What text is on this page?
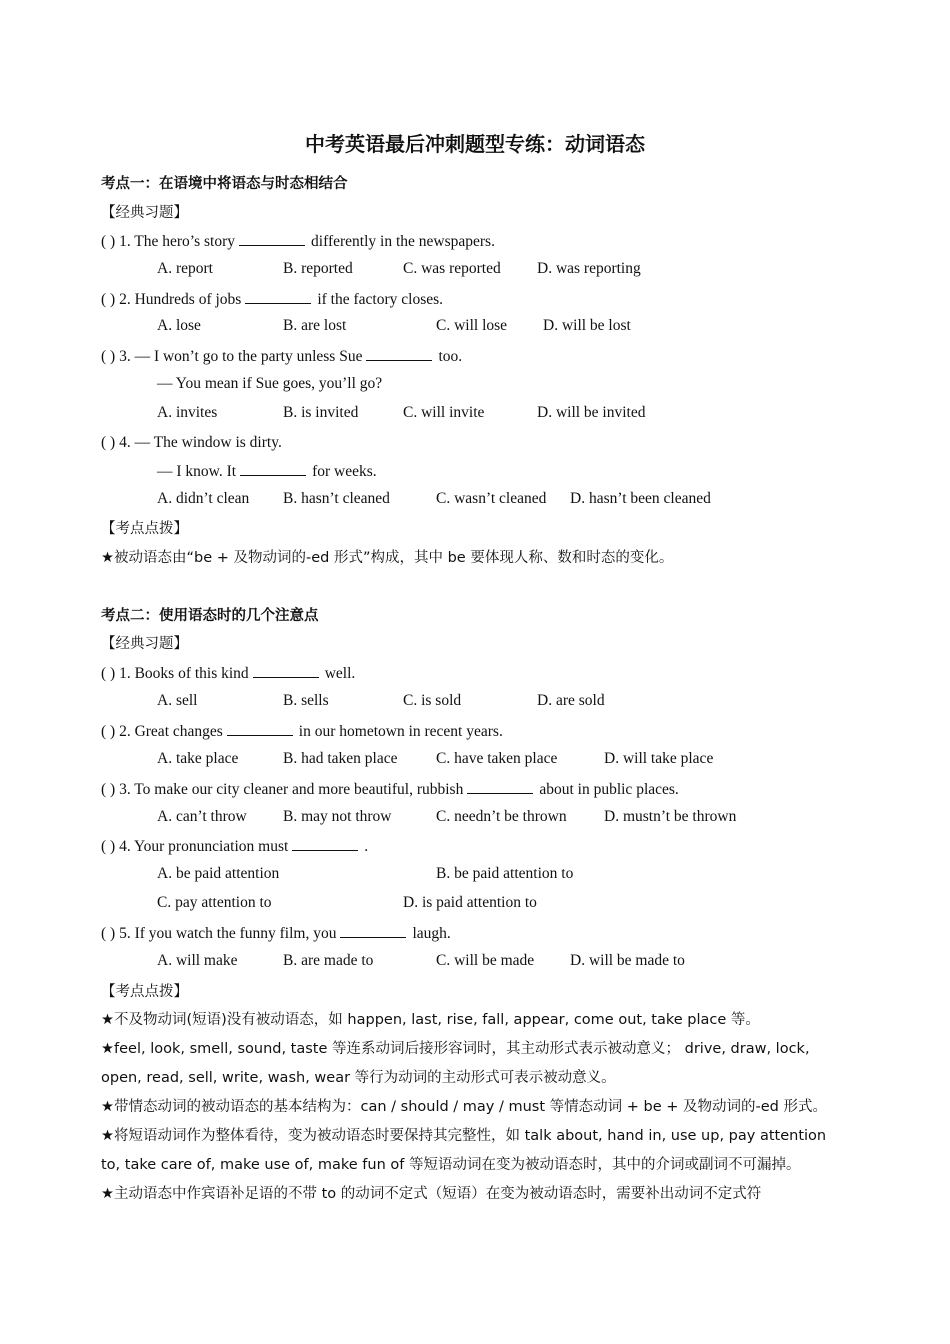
中考英语最后冲刺题型专练：动词语态
考点一：在语境中将语态与时态相结合
【经典习题】
( ) 1. The hero’s story	differently in the newspapers.
A. report	B. reported	C. was reported D. was reporting
( ) 2. Hundreds of jobs	if the factory closes.
A. lose	B. are lost	C. will lose D. will be lost
( ) 3. — I won’t go to the party unless Sue	too.
— You mean if Sue goes, you’ll go?
A. invites	B. is invited	C. will invite	D. will be invited
( ) 4. — The window is dirty.
— I know. It	for weeks.
A. didn’t clean B. hasn’t cleaned	C. wasn’t cleaned D. hasn’t been cleaned
【考点点拨】
★被动语态由“be + 及物动词的-ed 形式”构成，其中 be 要体现人称、数和时态的变化。
考点二：使用语态时的几个注意点
【经典习题】
( ) 1. Books of this kind	well.
A. sell	B. sells	C. is sold	D. are sold
( ) 2. Great changes	in our hometown in recent years.
A. take place	B. had taken place C. have taken place	D. will take place
( ) 3. To make our city cleaner and more beautiful, rubbish	about in public places.
A. can’t throw B. may not throw	C. needn’t be thrown D. mustn’t be thrown
( ) 4. Your pronunciation must	.
A. be paid attention	B. be paid attention to
C. pay attention to	D. is paid attention to
( ) 5. If you watch the funny film, you	laugh.
A. will make	B. are made to	C. will be made D. will be made to
【考点点拨】
★不及物动词(短语)没有被动语态，如 happen, last, rise, fall, appear, come out, take place 等。
★feel, look, smell, sound, taste 等连系动词后接形容词时，其主动形式表示被动意义； drive, draw, lock,
open, read, sell, write, wash, wear 等行为动词的主动形式可表示被动意义。
★带情态动词的被动语态的基本结构为：can / should / may / must 等情态动词 + be + 及物动词的-ed 形式。
★将短语动词作为整体看待，变为被动语态时要保持其完整性，如 talk about, hand in, use up, pay attention
to, take care of, make use of, make fun of 等短语动词在变为被动语态时，其中的介词或副词不可漏掉。
★主动语态中作宾语补足语的不带 to 的动词不定式（短语）在变为被动语态时，需要补出动词不定式符
